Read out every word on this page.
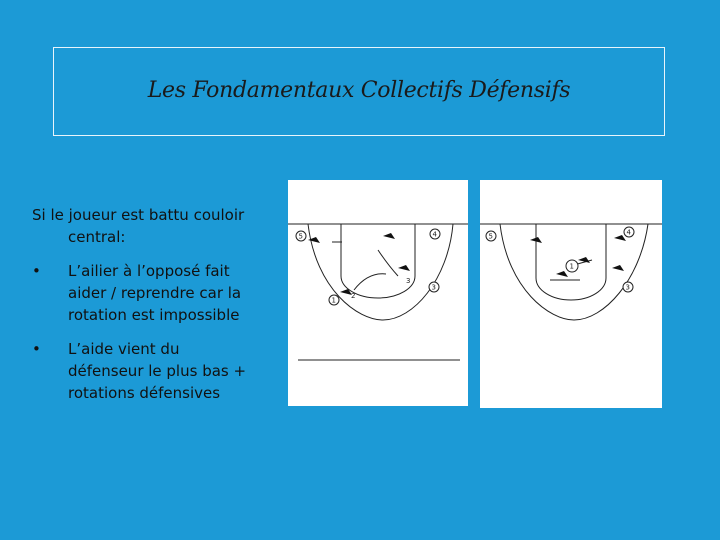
Les Fondamentaux Collectifs Défensifs

Si le joueur est battu couloir
central:

•	L’ailier à l’opposé fait
aider / reprendre car la
rotation est impossible
•	L’aide vient du
défenseur le plus bas +
rotations défensives
5	4
3
1
2
3
5	4
1
3
